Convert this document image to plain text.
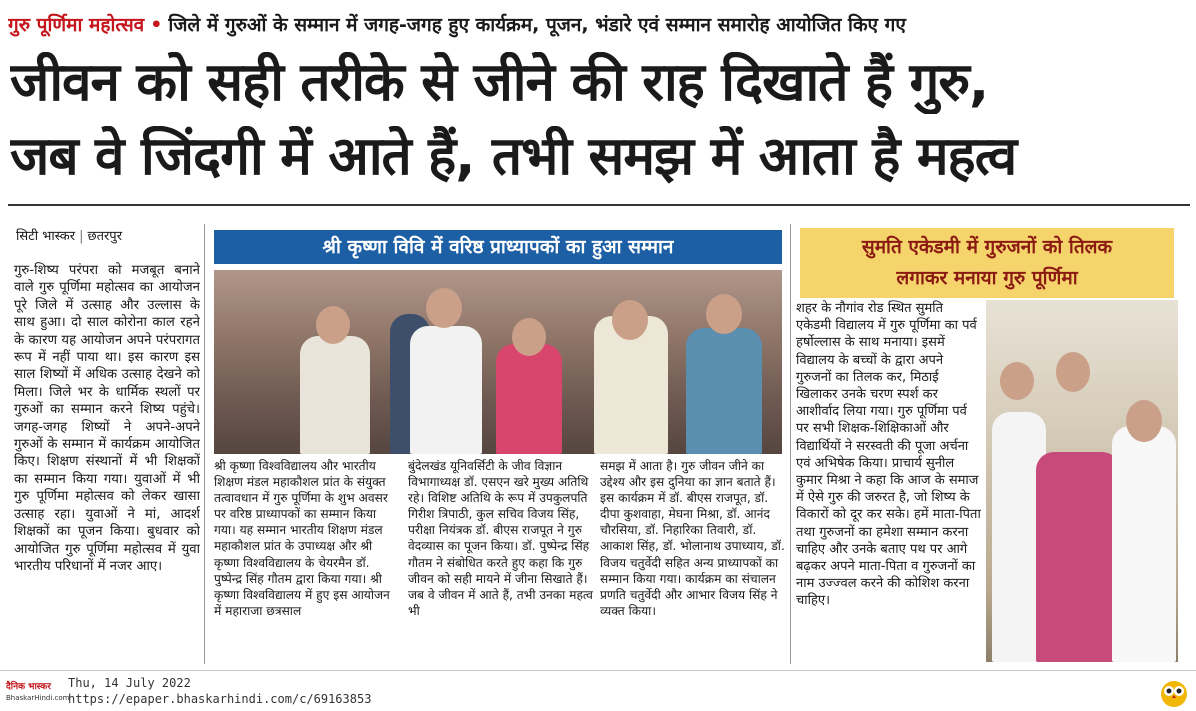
गुरु पूर्णिमा महोत्सव • जिले में गुरुओं के सम्मान में जगह-जगह हुए कार्यक्रम, पूजन, भंडारे एवं सम्मान समारोह आयोजित किए गए
जीवन को सही तरीके से जीने की राह दिखाते हैं गुरु,
जब वे जिंदगी में आते हैं, तभी समझ में आता है महत्व
सिटी भास्कर | छतरपुर
गुरु-शिष्य परंपरा को मजबूत बनाने वाले गुरु पूर्णिमा महोत्सव का आयोजन पूरे जिले में उत्साह और उल्लास के साथ हुआ। दो साल कोरोना काल रहने के कारण यह आयोजन अपने परंपरागत रूप में नहीं पाया था। इस कारण इस साल शिष्यों में अधिक उत्साह देखने को मिला। जिले भर के धार्मिक स्थलों पर गुरुओं का सम्मान करने शिष्य पहुंचे। जगह-जगह शिष्यों ने अपने-अपने गुरुओं के सम्मान में कार्यक्रम आयोजित किए। शिक्षण संस्थानों में भी शिक्षकों का सम्मान किया गया। युवाओं में भी गुरु पूर्णिमा महोत्सव को लेकर खासा उत्साह रहा। युवाओं ने मां, आदर्श शिक्षकों का पूजन किया। बुधवार को आयोजित गुरु पूर्णिमा महोत्सव में युवा भारतीय परिधानों में नजर आए।
श्री कृष्णा विवि में वरिष्ठ प्राध्यापकों का हुआ सम्मान
श्री कृष्णा विश्वविद्यालय और भारतीय शिक्षण मंडल महाकौशल प्रांत के संयुक्त तत्वावधान में गुरु पूर्णिमा के शुभ अवसर पर वरिष्ठ प्राध्यापकों का सम्मान किया गया। यह सम्मान भारतीय शिक्षण मंडल महाकौशल प्रांत के उपाध्यक्ष और श्री कृष्णा विश्वविद्यालय के चेयरमैन डॉ. पुष्पेन्द्र सिंह गौतम द्वारा किया गया। श्री कृष्णा विश्वविद्यालय में हुए इस आयोजन में महाराजा छत्रसाल
बुंदेलखंड यूनिवर्सिटी के जीव विज्ञान विभागाध्यक्ष डॉ. एसएन खरे मुख्य अतिथि रहे। विशिष्ट अतिथि के रूप में उपकुलपति गिरीश त्रिपाठी, कुल सचिव विजय सिंह, परीक्षा नियंत्रक डॉ. बीएस राजपूत ने गुरु वेदव्यास का पूजन किया। डॉ. पुष्पेन्द्र सिंह गौतम ने संबोधित करते हुए कहा कि गुरु जीवन को सही मायने में जीना सिखाते हैं। जब वे जीवन में आते हैं, तभी उनका महत्व भी
समझ में आता है। गुरु जीवन जीने का उद्देश्य और इस दुनिया का ज्ञान बताते हैं। इस कार्यक्रम में डॉ. बीएस राजपूत, डॉ. दीपा कुशवाहा, मेघना मिश्रा, डॉ. आनंद चौरसिया, डॉ. निहारिका तिवारी, डॉ. आकाश सिंह, डॉ. भोलानाथ उपाध्याय, डॉ. विजय चतुर्वेदी सहित अन्य प्राध्यापकों का सम्मान किया गया। कार्यक्रम का संचालन प्रणति चतुर्वेदी और आभार विजय सिंह ने व्यक्त किया।
सुमति एकेडमी में गुरुजनों को तिलक
लगाकर मनाया गुरु पूर्णिमा
शहर के नौगांव रोड स्थित सुमति एकेडमी विद्यालय में गुरु पूर्णिमा का पर्व हर्षोल्लास के साथ मनाया। इसमें विद्यालय के बच्चों के द्वारा अपने गुरुजनों का तिलक कर, मिठाई खिलाकर उनके चरण स्पर्श कर आशीर्वाद लिया गया। गुरु पूर्णिमा पर्व पर सभी शिक्षक-शिक्षिकाओं और विद्यार्थियों ने सरस्वती की पूजा अर्चना एवं अभिषेक किया। प्राचार्य सुनील कुमार मिश्रा ने कहा कि आज के समाज में ऐसे गुरु की जरुरत है, जो शिष्य के विकारों को दूर कर सके। हमें माता-पिता तथा गुरुजनों का हमेशा सम्मान करना चाहिए और उनके बताए पथ पर आगे बढ़कर अपने माता-पिता व गुरुजनों का नाम उज्ज्वल करने की कोशिश करना चाहिए।
दैनिक भास्कर
BhaskarHindi.com
Thu, 14 July 2022
https://epaper.bhaskarhindi.com/c/69163853
